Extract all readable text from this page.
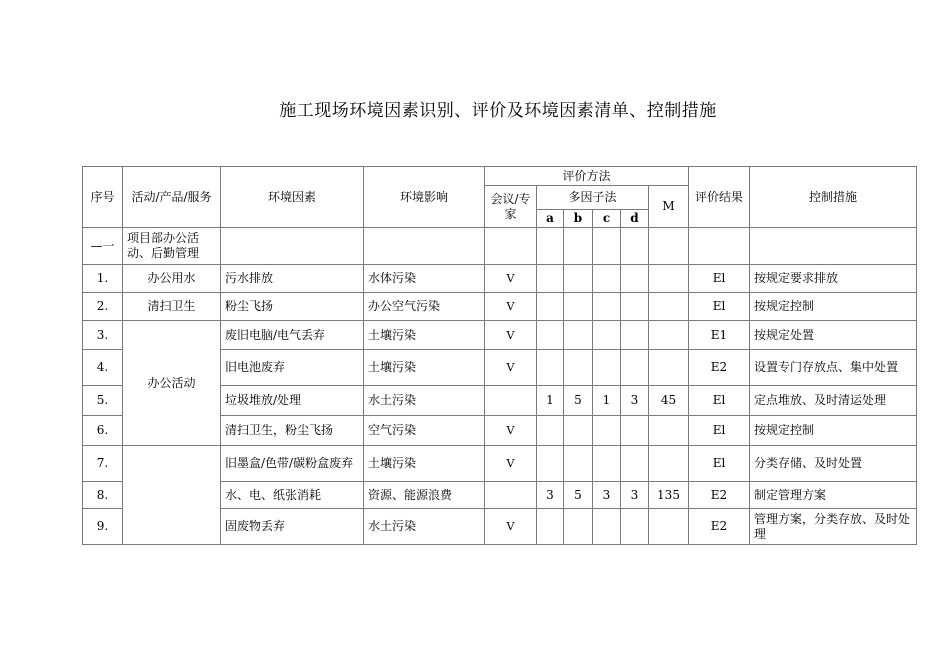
施工现场环境因素识别、评价及环境因素清单、控制措施
序号	活动/产品/服务	环境因素	环境影响	评价方法						评价结果	控制措施
				会议/专家	多因子法				M		
					a	b	c	d			
—一	项目部办公活动、后勤管理										
1.	办公用水	污水排放	水体污染	V						El	按规定要求排放
2.	清扫卫生	粉尘飞扬	办公空气污染	V						El	按规定控制
3.	办公活动	废旧电脑/电气丢弃	土壤污染	V						E1	按规定处置
4.		旧电池废弃	土壤污染	V						E2	设置专门存放点、集中处置
5.		垃圾堆放/处理	水土污染		1	5	1	3	45	El	定点堆放、及时清运处理
6.		清扫卫生，粉尘飞扬	空气污染	V						El	按规定控制
7.		旧墨盒/色带/碳粉盒废弃	土壤污染	V						El	分类存储、及时处置
8.		水、电、纸张消耗	资源、能源浪费		3	5	3	3	135	E2	制定管理方案
9.		固废物丢弃	水土污染	V						E2	管理方案，分类存放、及时处理
